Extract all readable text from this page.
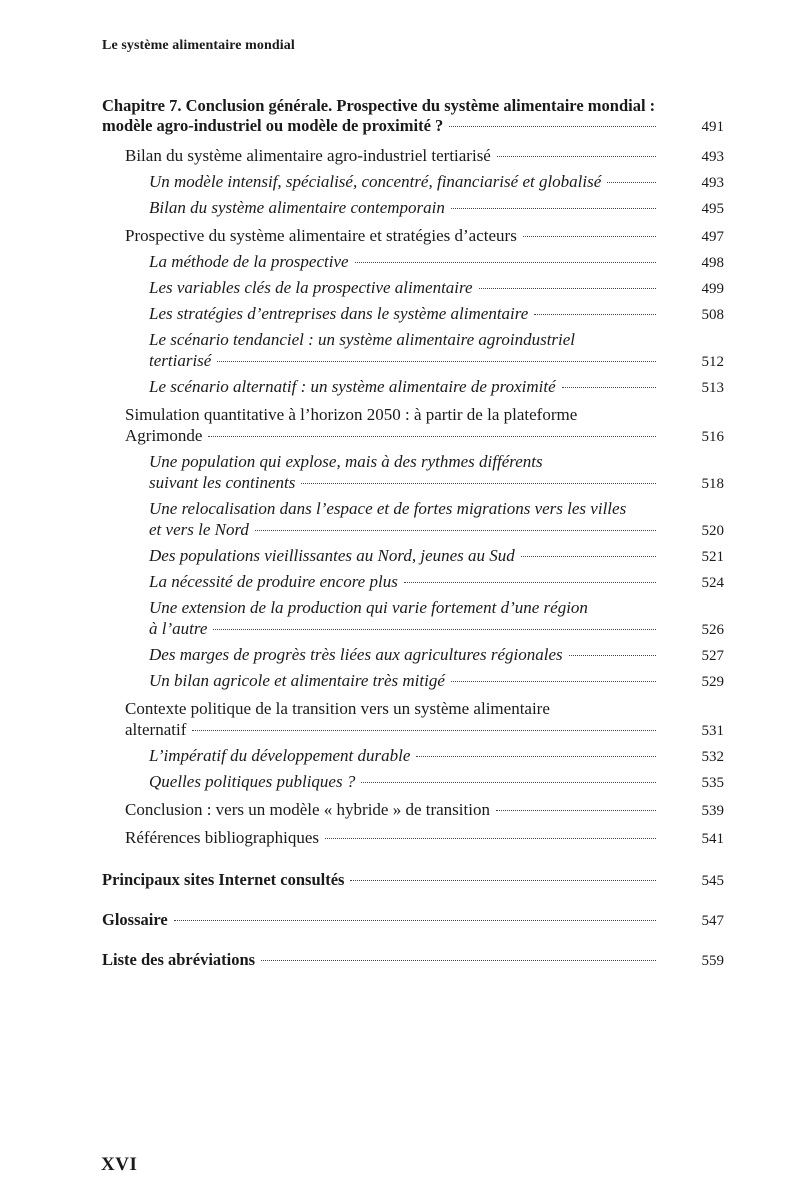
Le système alimentaire mondial
Chapitre 7. Conclusion générale. Prospective du système alimentaire mondial :
modèle agro-industriel ou modèle de proximité ?	491
Bilan du système alimentaire agro-industriel tertiarisé	493
Un modèle intensif, spécialisé, concentré, financiarisé et globalisé	493
Bilan du système alimentaire contemporain	495
Prospective du système alimentaire et stratégies d’acteurs	497
La méthode de la prospective	498
Les variables clés de la prospective alimentaire	499
Les stratégies d’entreprises dans le système alimentaire	508
Le scénario tendanciel : un système alimentaire agroindustriel
tertiarisé	512
Le scénario alternatif : un système alimentaire de proximité	513
Simulation quantitative à l’horizon 2050 : à partir de la plateforme
Agrimonde	516
Une population qui explose, mais à des rythmes différents
suivant les continents	518
Une relocalisation dans l’espace et de fortes migrations vers les villes
et vers le Nord	520
Des populations vieillissantes au Nord, jeunes au Sud	521
La nécessité de produire encore plus	524
Une extension de la production qui varie fortement d’une région
à l’autre	526
Des marges de progrès très liées aux agricultures régionales	527
Un bilan agricole et alimentaire très mitigé	529
Contexte politique de la transition vers un système alimentaire
alternatif	531
L’impératif du développement durable	532
Quelles politiques publiques ?	535
Conclusion : vers un modèle « hybride » de transition	539
Références bibliographiques	541
Principaux sites Internet consultés	545
Glossaire	547
Liste des abréviations	559
XVI
